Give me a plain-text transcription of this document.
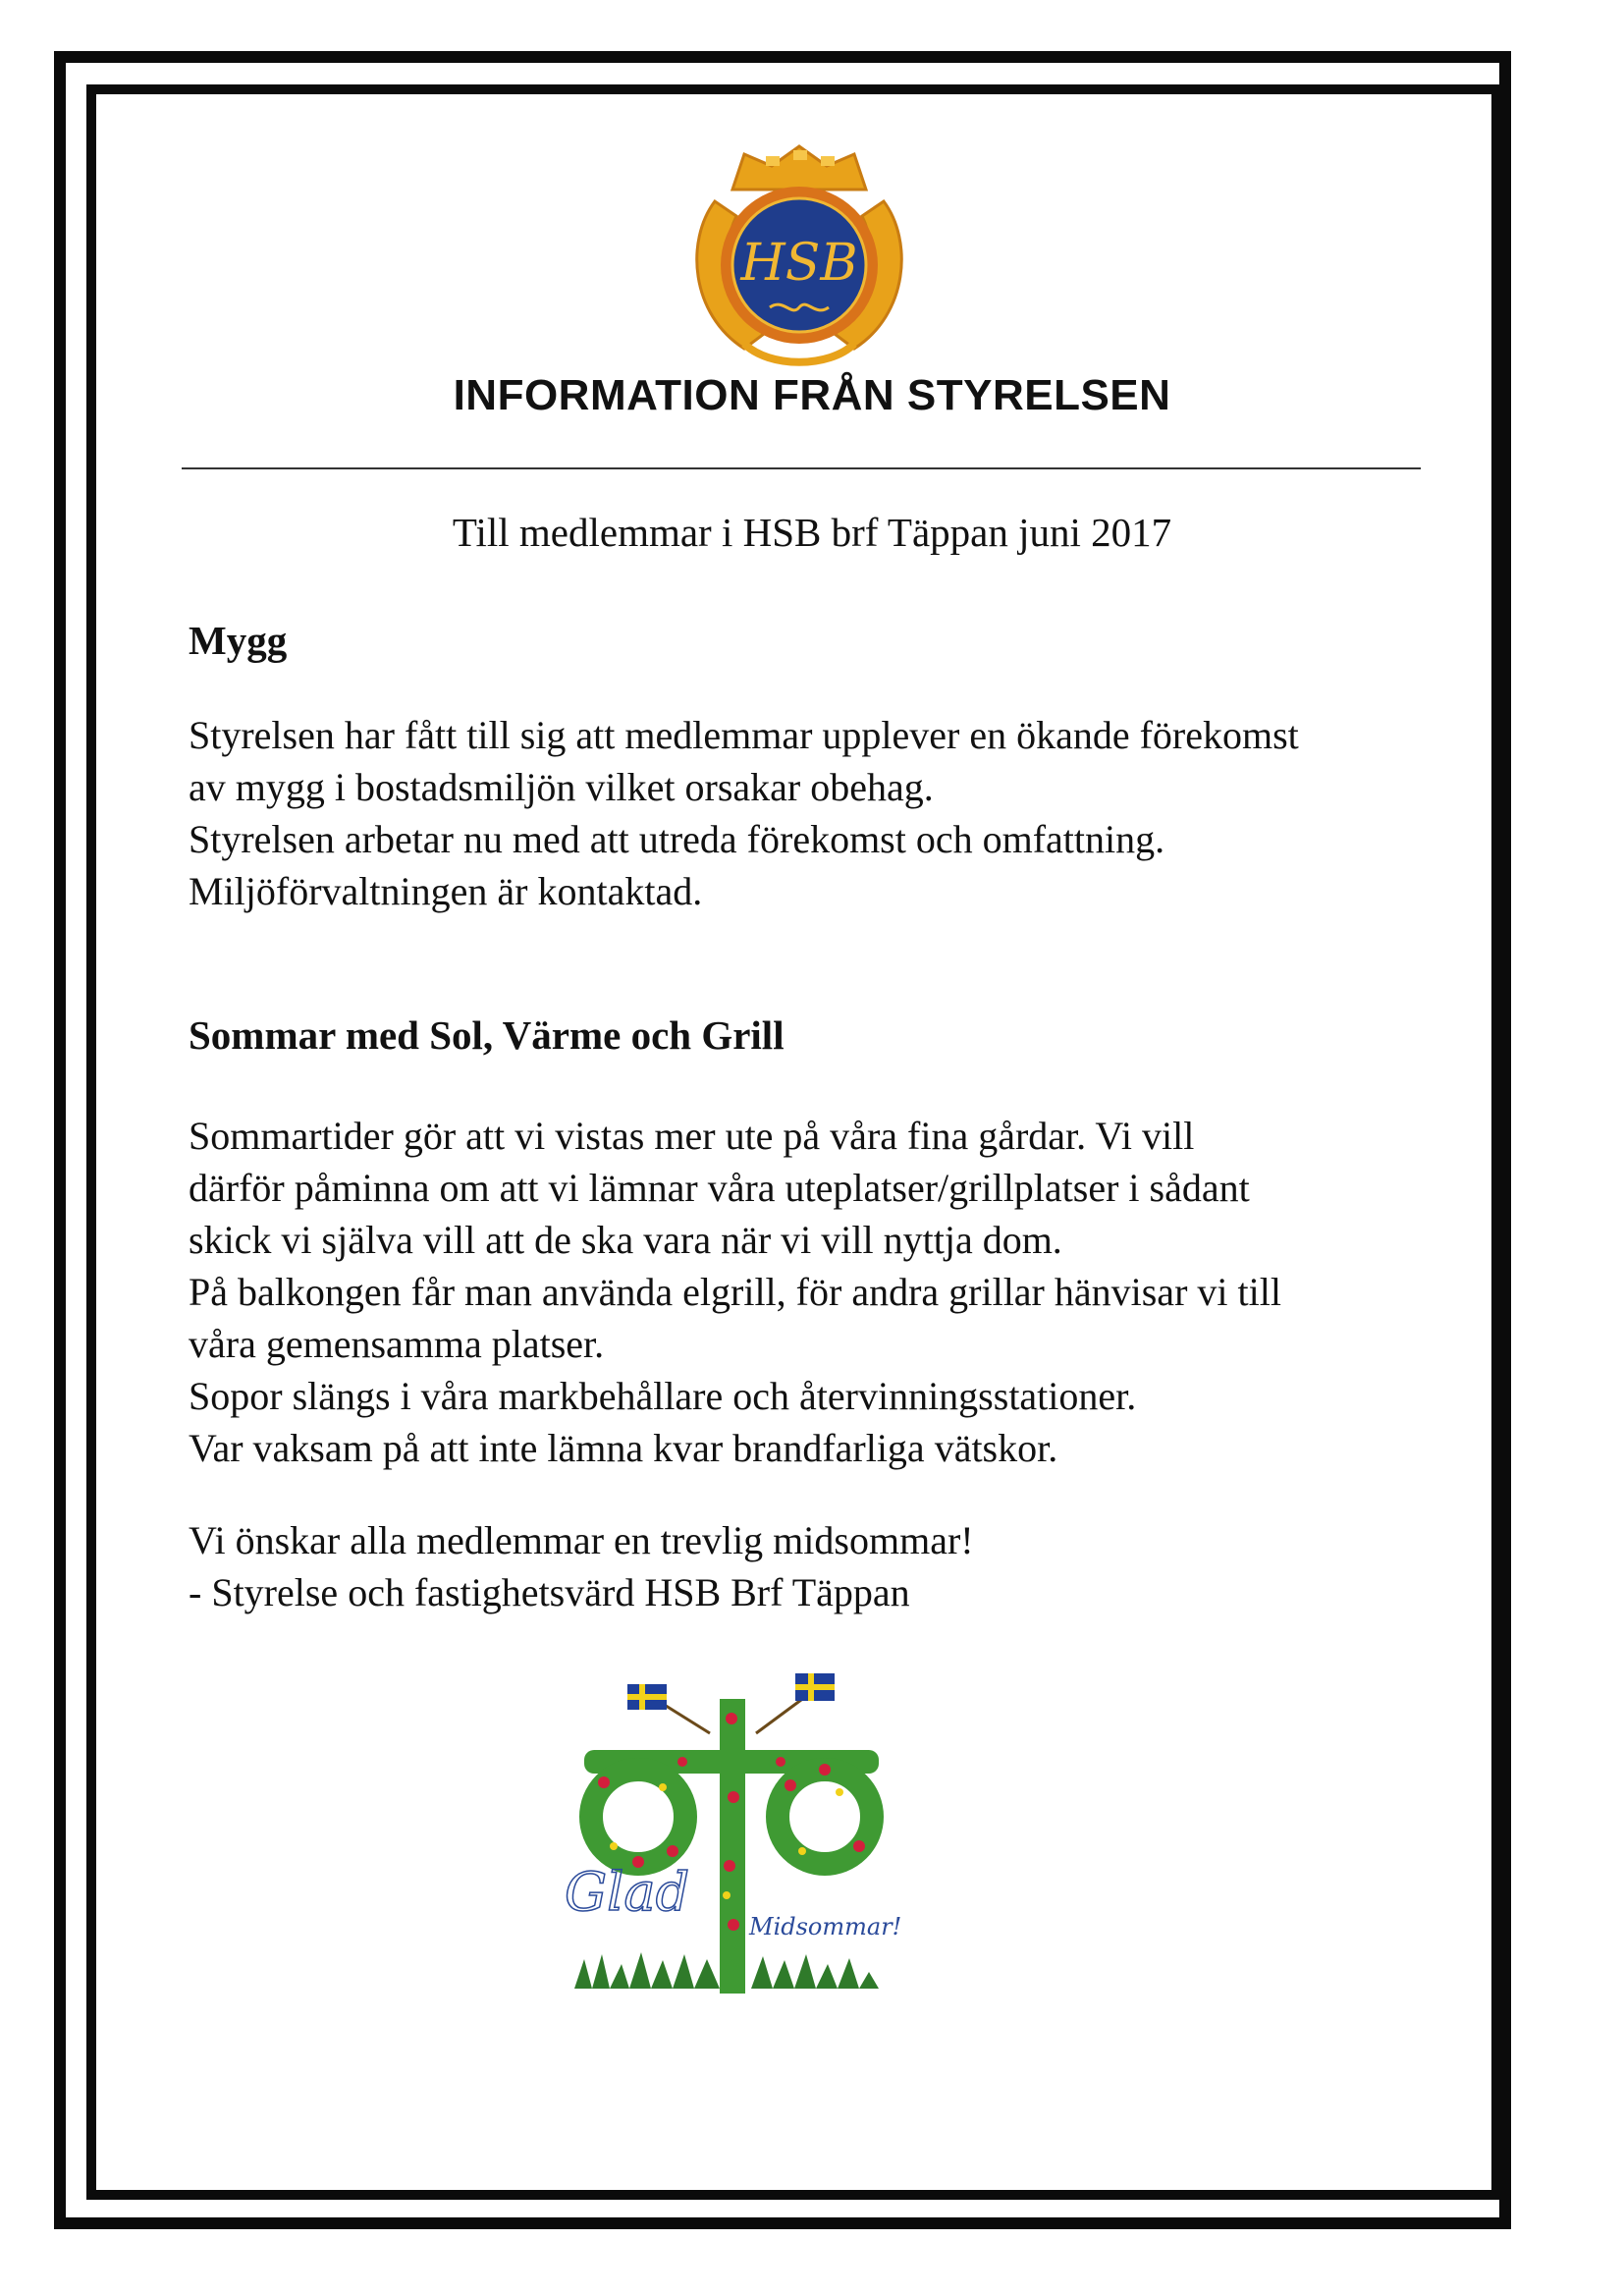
HSB
INFORMATION FRÅN STYRELSEN
Till medlemmar i HSB brf Täppan juni 2017
Mygg
Styrelsen har fått till sig att medlemmar upplever en ökande förekomst
av mygg i bostadsmiljön vilket orsakar obehag.
Styrelsen arbetar nu med att utreda förekomst och omfattning.
Miljöförvaltningen är kontaktad.
Sommar med Sol, Värme och Grill
Sommartider gör att vi vistas mer ute på våra fina gårdar. Vi vill
därför påminna om att vi lämnar våra uteplatser/grillplatser i sådant
skick vi själva vill att de ska vara när vi vill nyttja dom.
På balkongen får man använda elgrill, för andra grillar hänvisar vi till
våra gemensamma platser.
Sopor slängs i våra markbehållare och återvinningsstationer.
Var vaksam på att inte lämna kvar brandfarliga vätskor.
Vi önskar alla medlemmar en trevlig midsommar!
- Styrelse och fastighetsvärd HSB Brf Täppan
Glad
Midsommar!
